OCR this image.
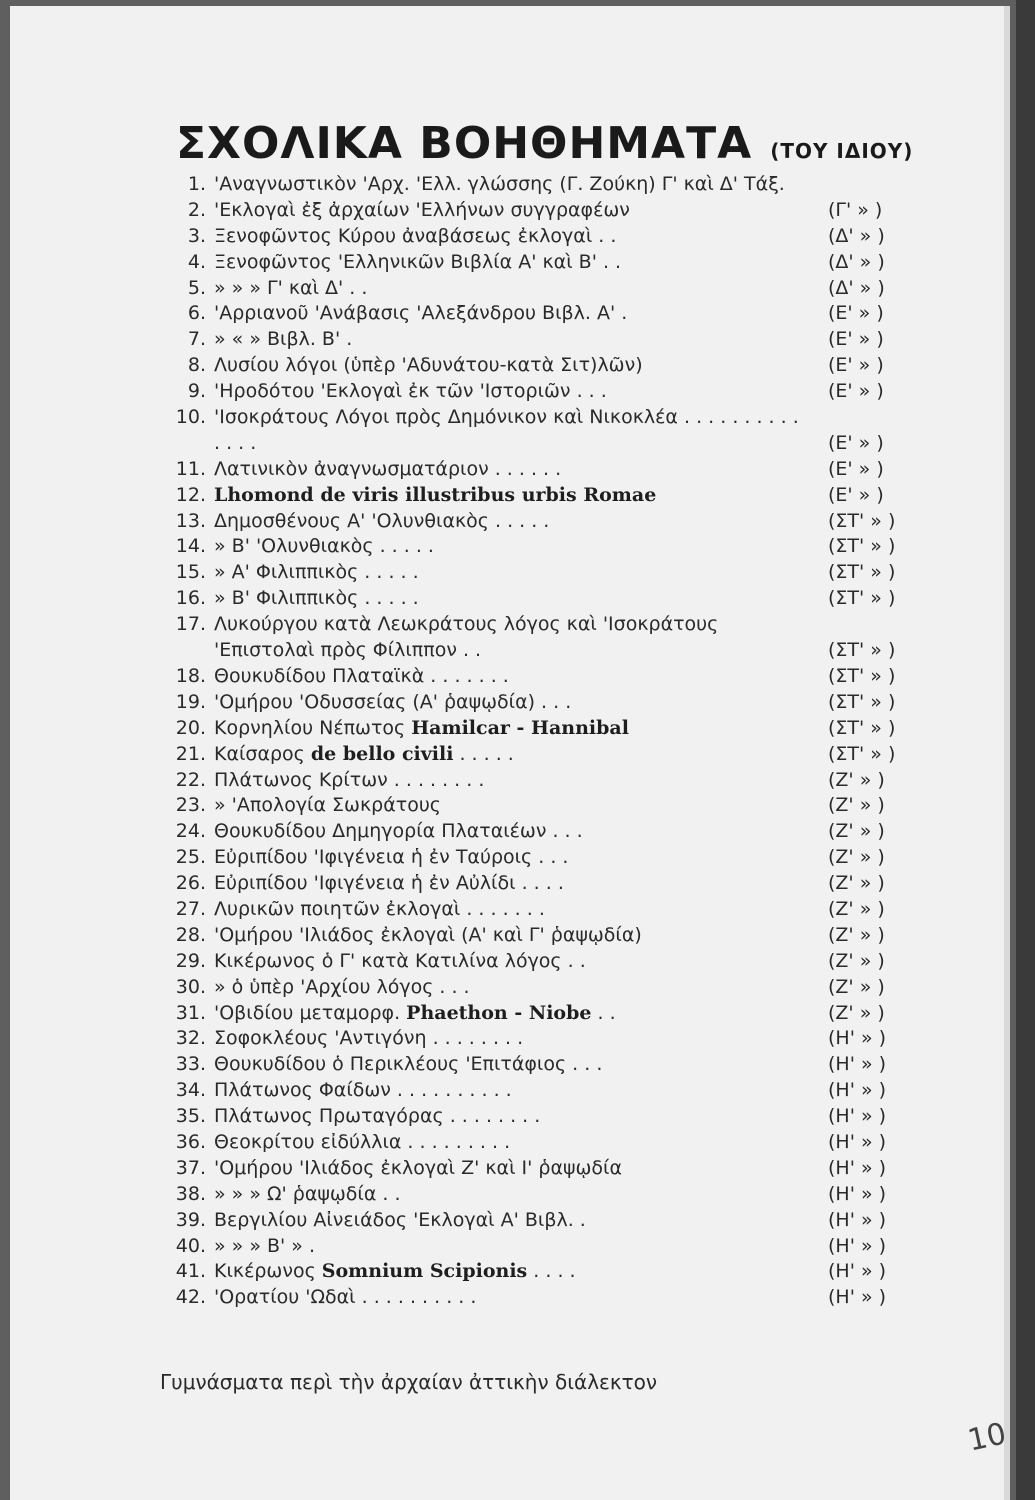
ΣΧΟΛΙΚΑ ΒΟΗΘΗΜΑΤΑ (ΤΟΥ ΙΔΙΟΥ)
1. 'Αναγνωστικὸν 'Αρχ. 'Ελλ. γλώσσης (Γ. Ζούκη) Γ' καὶ Δ' Τάξ.
2. 'Εκλογαὶ ἐξ ἀρχαίων 'Ελλήνων συγγραφέων	(Γ' » )
3. Ξενοφῶντος Κύρου ἀναβάσεως ἐκλογαὶ . .	(Δ' » )
4. Ξενοφῶντος 'Ελληνικῶν Βιβλία Α' καὶ Β' . .	(Δ' » )
5. » » » Γ' καὶ Δ' . .	(Δ' » )
6. 'Αρριανοῦ 'Ανάβασις 'Αλεξάνδρου Βιβλ. Α' .	(Ε' » )
7. » « » Βιβλ. Β' .	(Ε' » )
8. Λυσίου λόγοι (ὑπὲρ 'Αδυνάτου-κατὰ Σιτ)λῶν)	(Ε' » )
9. 'Ηροδότου 'Εκλογαὶ ἐκ τῶν 'Ιστοριῶν . . .	(Ε' » )
10. 'Ισοκράτους Λόγοι πρὸς Δημόνικον καὶ Νικοκλέα . . . . . . . . . . . . . .	(Ε' » )
11. Λατινικὸν ἀναγνωσματάριον . . . . . .	(Ε' » )
12. Lhomond de viris illustribus urbis Romae	(Ε' » )
13. Δημοσθένους Α' 'Ολυνθιακὸς . . . . .	(ΣΤ' » )
14. » Β' 'Ολυνθιακὸς . . . . .	(ΣΤ' » )
15. » Α' Φιλιππικὸς . . . . .	(ΣΤ' » )
16. » Β' Φιλιππικὸς . . . . .	(ΣΤ' » )
17. Λυκούργου κατὰ Λεωκράτους λόγος καὶ 'Ισοκράτους 'Επιστολαὶ πρὸς Φίλιππον . .	(ΣΤ' » )
18. Θουκυδίδου Πλαταϊκὰ . . . . . . .	(ΣΤ' » )
19. 'Ομήρου 'Οδυσσείας (Α' ῥαψῳδία) . . .	(ΣΤ' » )
20. Κορνηλίου Νέπωτος Hamilcar - Hannibal	(ΣΤ' » )
21. Καίσαρος de bello civili . . . . .	(ΣΤ' » )
22. Πλάτωνος Κρίτων . . . . . . . .	(Ζ' » )
23. » 'Απολογία Σωκράτους	(Ζ' » )
24. Θουκυδίδου Δημηγορία Πλαταιέων . . .	(Ζ' » )
25. Εὐριπίδου 'Ιφιγένεια ἡ ἐν Ταύροις . . .	(Ζ' » )
26. Εὐριπίδου 'Ιφιγένεια ἡ ἐν Αὐλίδι . . . .	(Ζ' » )
27. Λυρικῶν ποιητῶν ἐκλογαὶ . . . . . . .	(Ζ' » )
28. 'Ομήρου 'Ιλιάδος ἐκλογαὶ (Α' καὶ Γ' ῥαψῳδία)	(Ζ' » )
29. Κικέρωνος ὁ Γ' κατὰ Κατιλίνα λόγος . .	(Ζ' » )
30. » ὁ ὑπὲρ 'Αρχίου λόγος . . .	(Ζ' » )
31. 'Οβιδίου μεταμορφ. Phaethon - Niobe . .	(Ζ' » )
32. Σοφοκλέους 'Αντιγόνη . . . . . . . .	(Η' » )
33. Θουκυδίδου ὁ Περικλέους 'Επιτάφιος . . .	(Η' » )
34. Πλάτωνος Φαίδων . . . . . . . . . .	(Η' » )
35. Πλάτωνος Πρωταγόρας . . . . . . . .	(Η' » )
36. Θεοκρίτου εἰδύλλια . . . . . . . . .	(Η' » )
37. 'Ομήρου 'Ιλιάδος ἐκλογαὶ Ζ' καὶ Ι' ῥαψῳδία	(Η' » )
38. » » » Ω' ῥαψῳδία . .	(Η' » )
39. Βεργιλίου Αἰνειάδος 'Εκλογαὶ Α' Βιβλ. .	(Η' » )
40. » » » Β' » .	(Η' » )
41. Κικέρωνος Somnium Scipionis . . . .	(Η' » )
42. 'Ορατίου 'Ωδαὶ . . . . . . . . . .	(Η' » )
Γυμνάσματα περὶ τὴν ἀρχαίαν ἀττικὴν διάλεκτον
10
